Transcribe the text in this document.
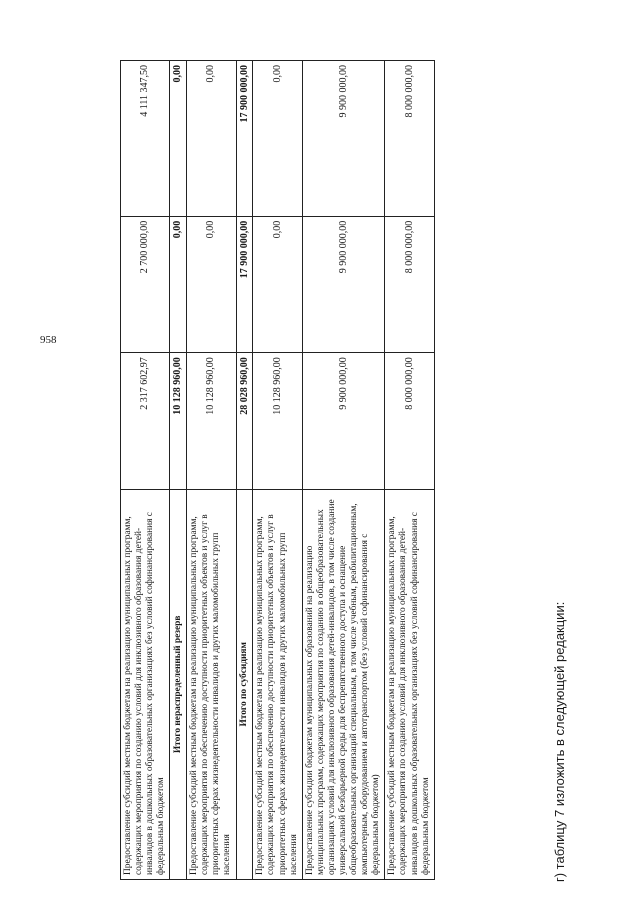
958
Предоставление субсидий местным бюджетам на реализацию муниципальных программ, содержащих мероприятия по созданию условий для инклюзивного образования детей-инвалидов в дошкольных образовательных организациях без условий софинансирования с федеральным бюджетом	2 317 602,97	2 700 000,00	4 111 347,50
Итого нераспределенный резерв	10 128 960,00	0,00	0,00
Предоставление субсидий местным бюджетам на реализацию муниципальных программ, содержащих мероприятия по обеспечению доступности приоритетных объектов и услуг в приоритетных сферах жизнедеятельности инвалидов и других маломобильных групп населения	10 128 960,00	0,00	0,00
Итого по субсидиям	28 028 960,00	17 900 000,00	17 900 000,00
Предоставление субсидий местным бюджетам на реализацию муниципальных программ, содержащих мероприятия по обеспечению доступности приоритетных объектов и услуг в приоритетных сферах жизнедеятельности инвалидов и других маломобильных групп населения	10 128 960,00	0,00	0,00
Предоставление субсидии бюджетам муниципальных образований на реализацию муниципальных программ, содержащих мероприятия по созданию в общеобразовательных организациях условий для инклюзивного образования детей-инвалидов, в том числе создание универсальной безбарьерной среды для беспрепятственного доступа и оснащение общеобразовательных организаций специальным, в том числе учебным, реабилитационным, компьютерным, оборудованием и автотранспортом (без условий софинансирования с федеральным бюджетом)	9 900 000,00	9 900 000,00	9 900 000,00
Предоставление субсидий местным бюджетам на реализацию муниципальных программ, содержащих мероприятия по созданию условий для инклюзивного образования детей-инвалидов в дошкольных образовательных организациях без условий софинансирования с федеральным бюджетом	8 000 000,00	8 000 000,00	8 000 000,00
г) таблицу 7 изложить в следующей редакции:
